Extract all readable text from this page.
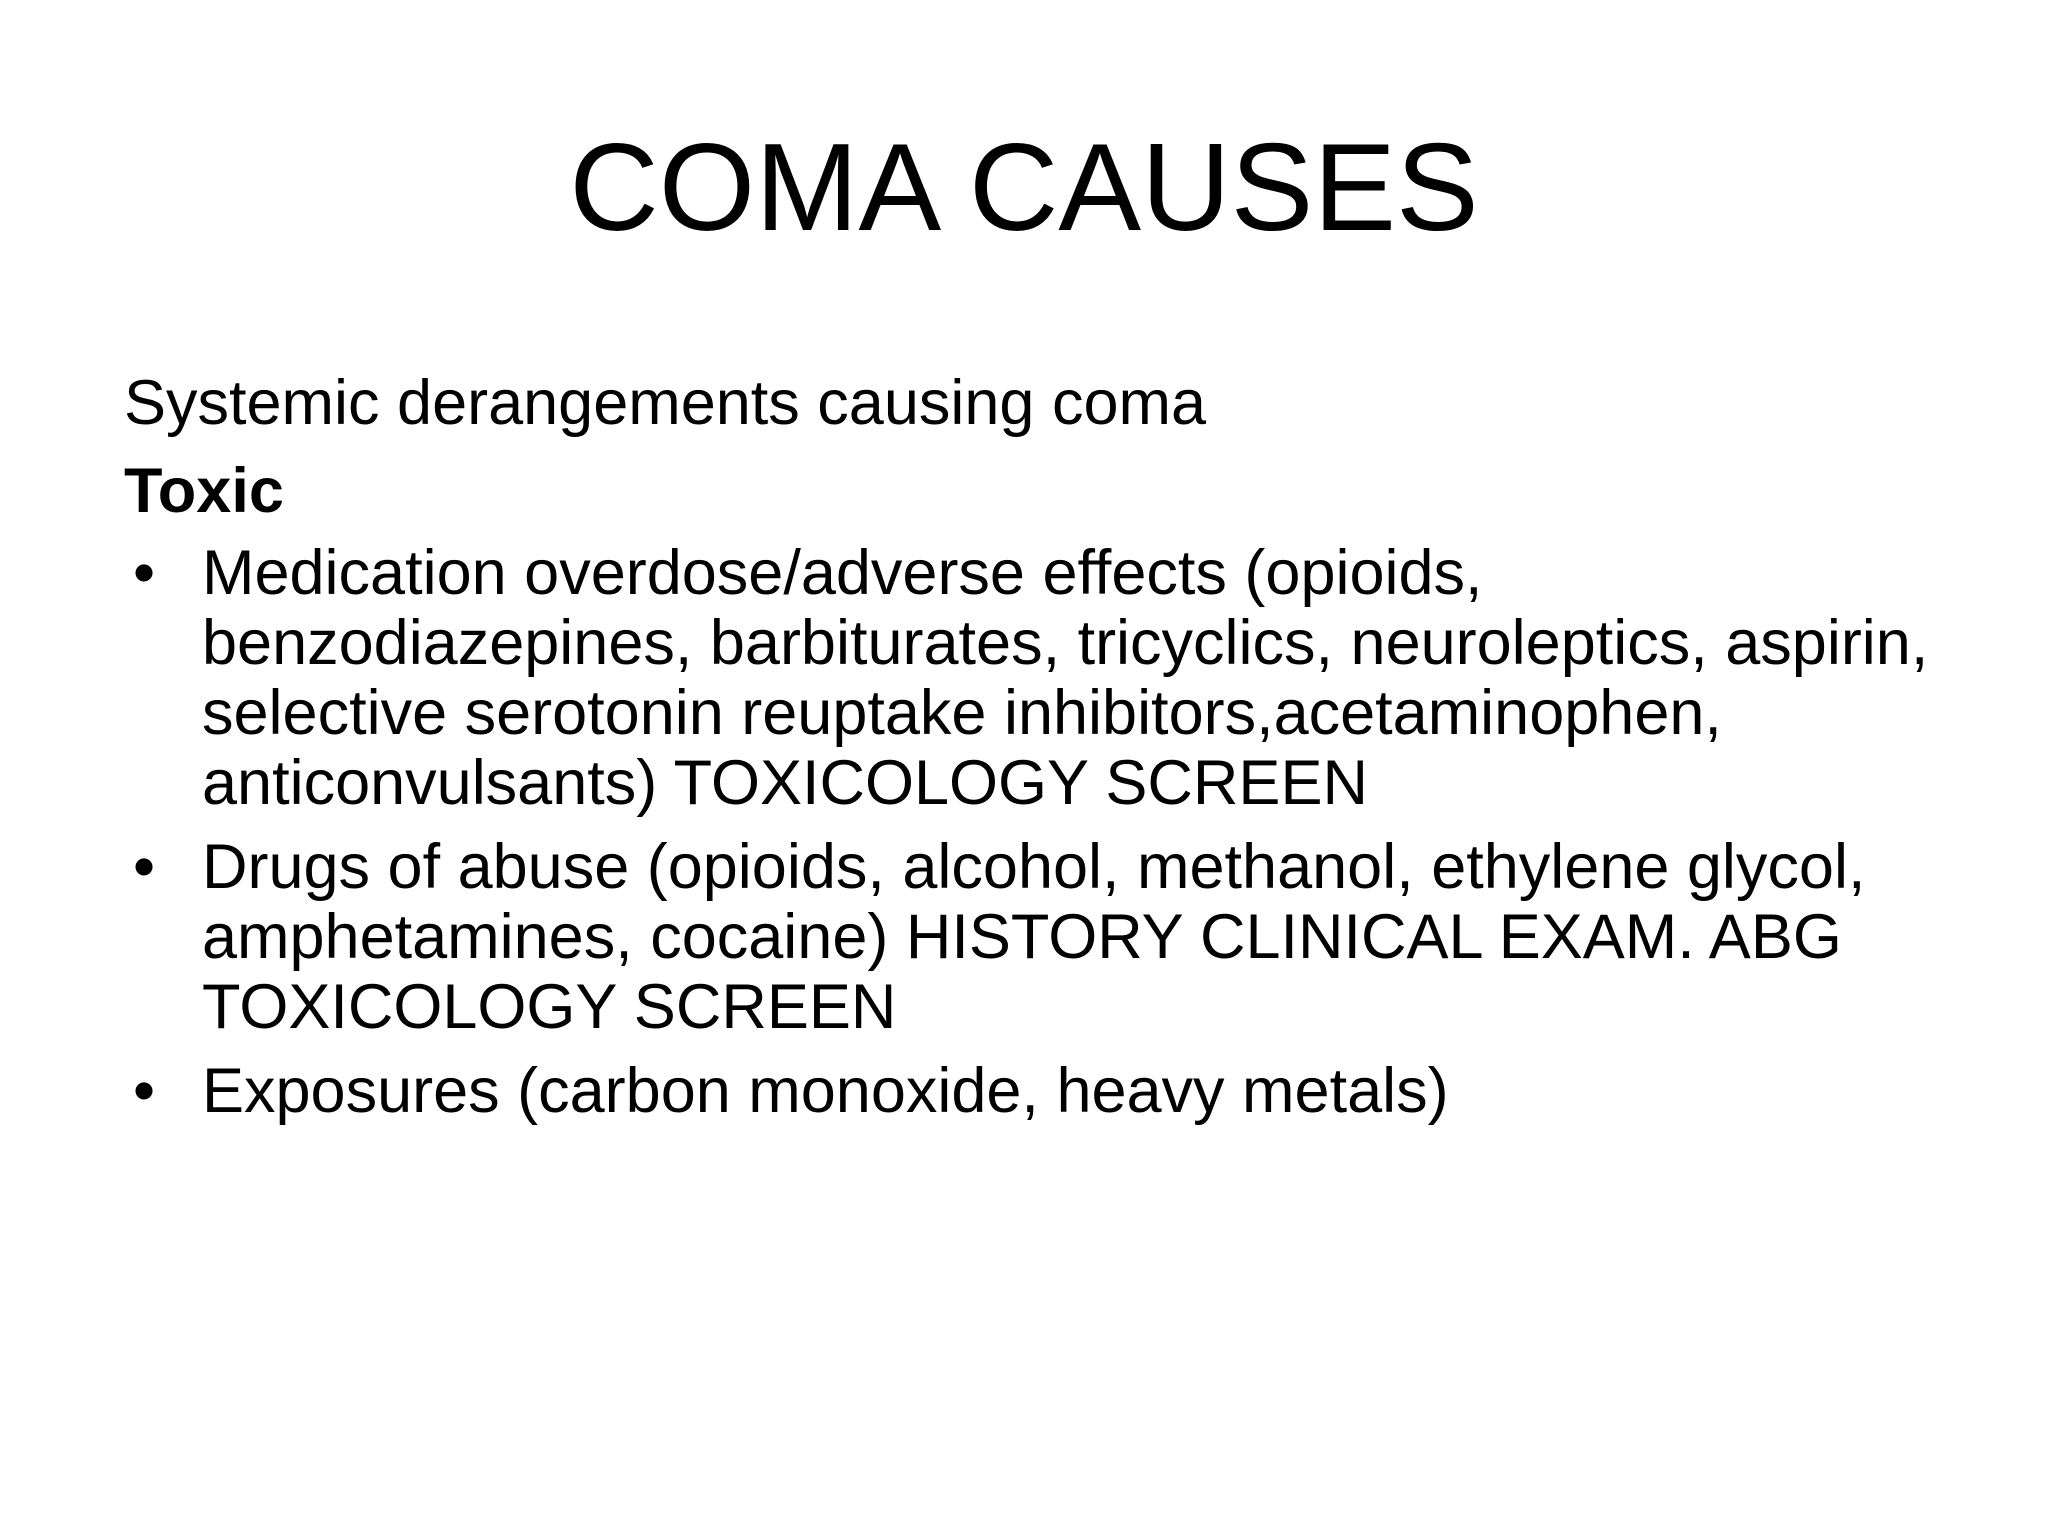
COMA CAUSES
Systemic derangements causing coma
Toxic
• Medication overdose/adverse effects (opioids, benzodiazepines, barbiturates, tricyclics, neuroleptics, aspirin, selective serotonin reuptake inhibitors,acetaminophen, anticonvulsants) TOXICOLOGY SCREEN
• Drugs of abuse (opioids, alcohol, methanol, ethylene glycol, amphetamines, cocaine) HISTORY CLINICAL EXAM. ABG TOXICOLOGY SCREEN
• Exposures (carbon monoxide, heavy metals)
